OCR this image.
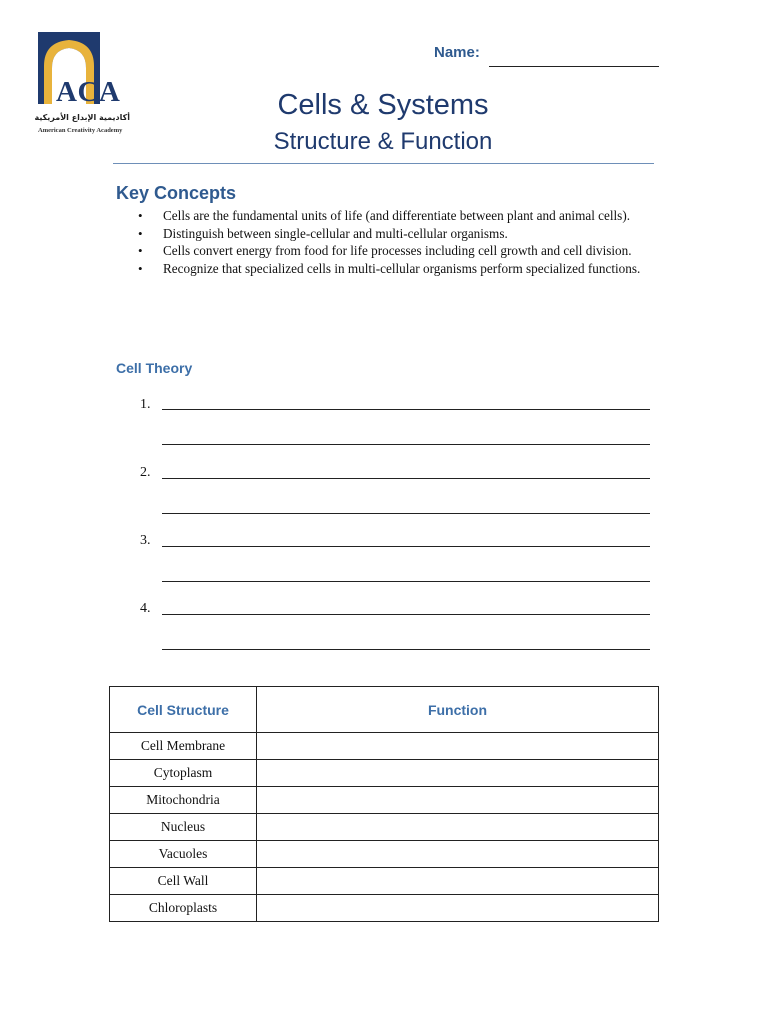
ACA
أكاديمية الإبداع الأمريكية
American Creativity Academy
Name:
Cells & Systems
Structure & Function
Key Concepts
• Cells are the fundamental units of life (and differentiate between plant and animal cells).
• Distinguish between single-cellular and multi-cellular organisms.
• Cells convert energy from food for life processes including cell growth and cell division.
• Recognize that specialized cells in multi-cellular organisms perform specialized functions.
Cell Theory
1.
2.
3.
4.
Cell Structure	Function
Cell Membrane	
Cytoplasm	
Mitochondria	
Nucleus	
Vacuoles	
Cell Wall	
Chloroplasts	
